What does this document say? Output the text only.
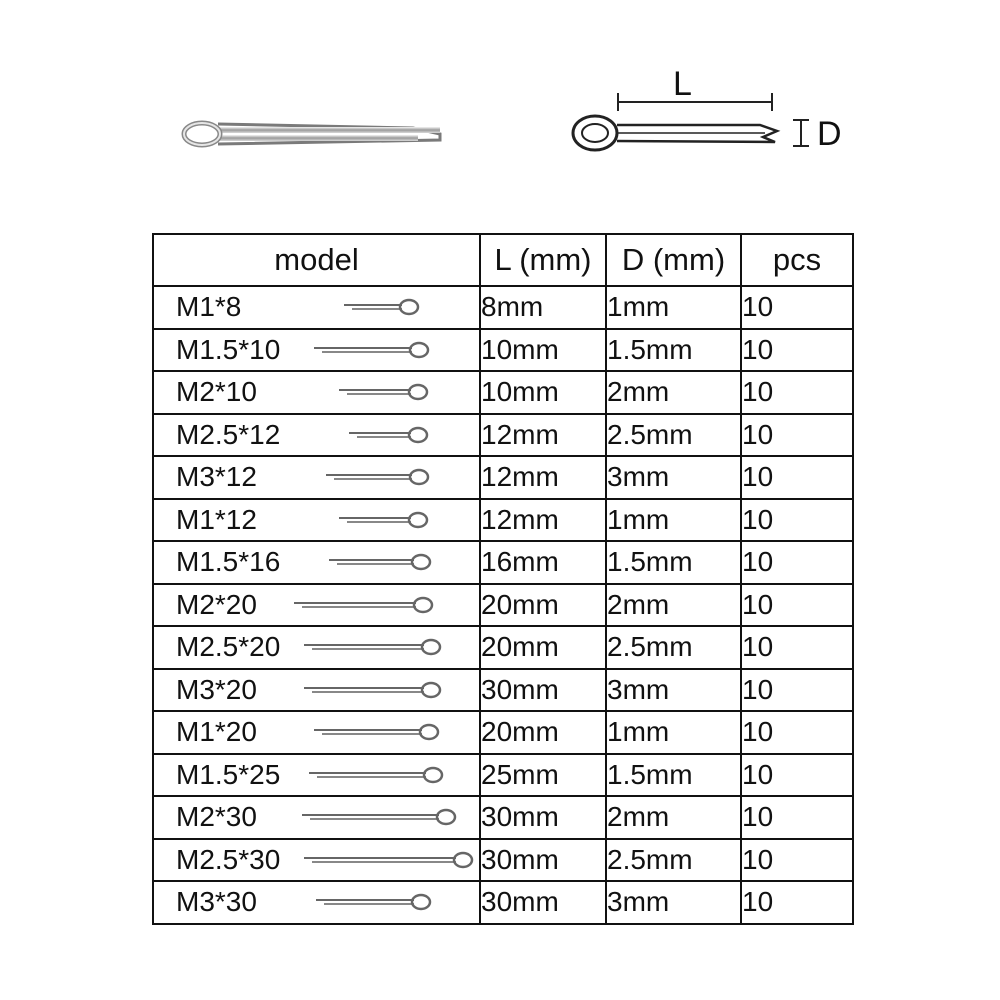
L
D
model	L (mm)	D (mm)	pcs

M1*8	8mm	1mm	10

M1.5*10	10mm	1.5mm	10

M2*10	10mm	2mm	10

M2.5*12	12mm	2.5mm	10

M3*12	12mm	3mm	10

M1*12	12mm	1mm	10

M1.5*16	16mm	1.5mm	10

M2*20	20mm	2mm	10

M2.5*20	20mm	2.5mm	10

M3*20	30mm	3mm	10

M1*20	20mm	1mm	10

M1.5*25	25mm	1.5mm	10

M2*30	30mm	2mm	10

M2.5*30	30mm	2.5mm	10

M3*30	30mm	3mm	10
